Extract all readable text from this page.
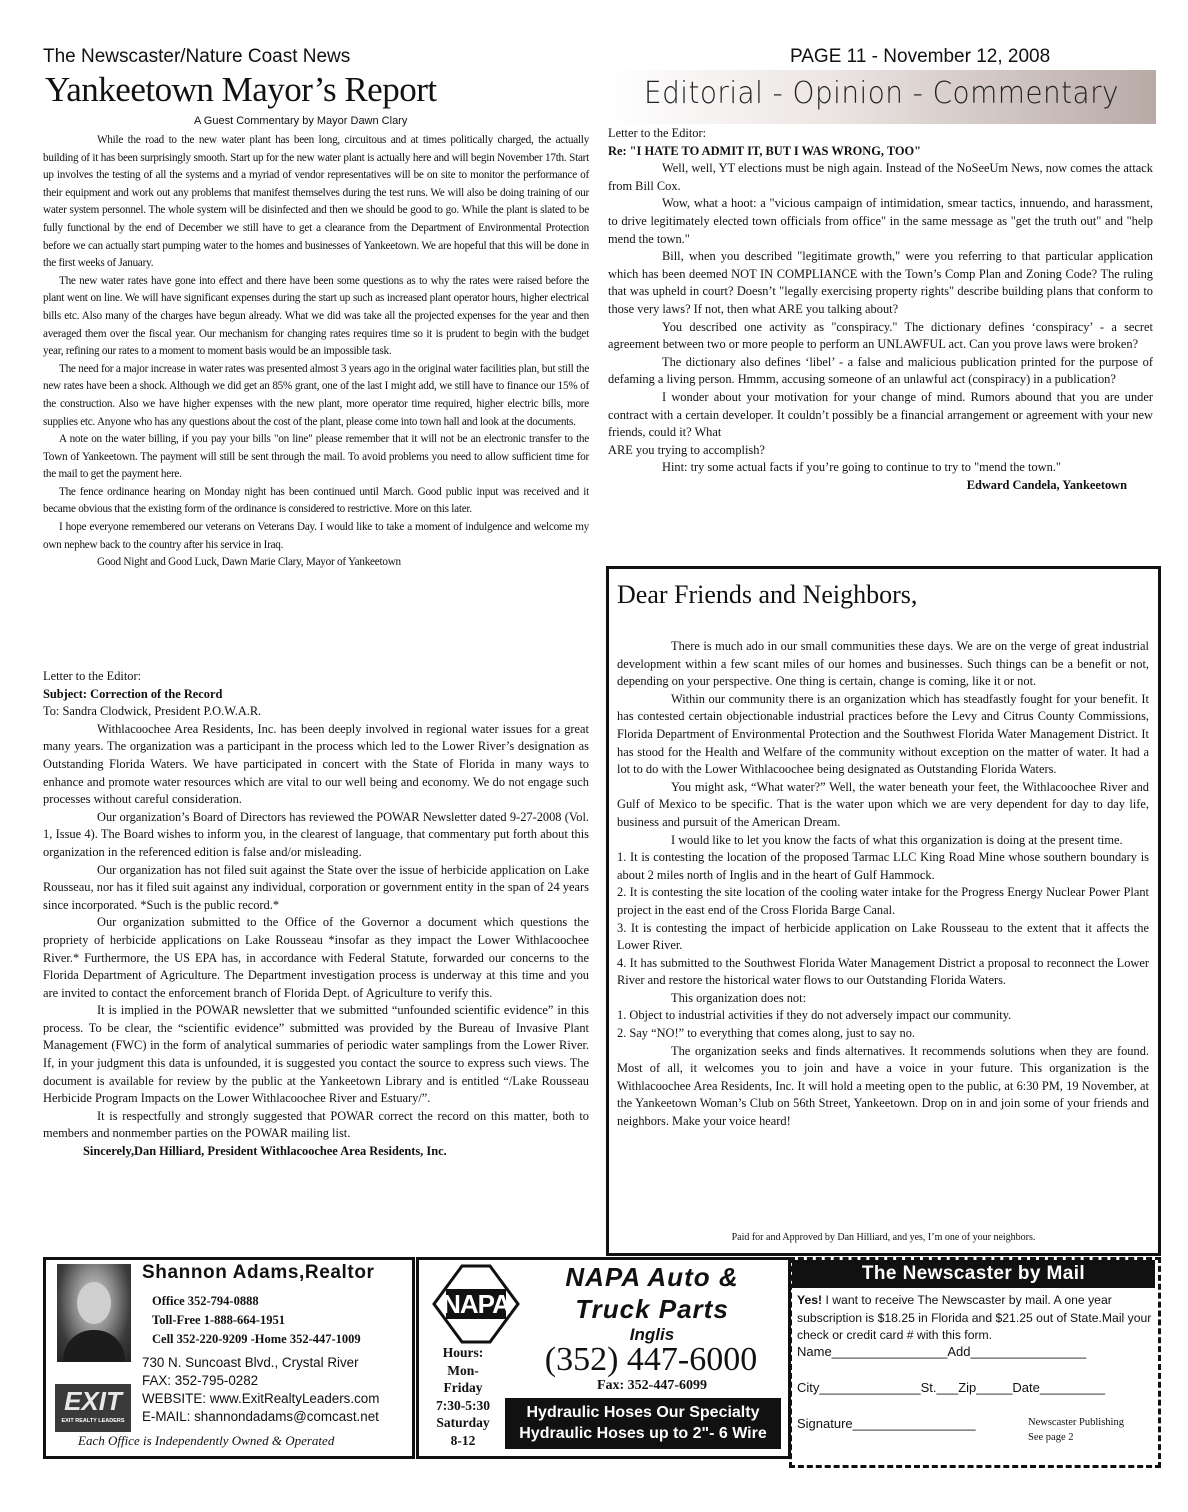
The Newscaster/Nature Coast News	PAGE 11 - November 12, 2008
Yankeetown Mayor’s Report
A Guest Commentary by Mayor Dawn Clary

While the road to the new water plant has been long, circuitous and at times politically charged, the actually building of it has been surprisingly smooth. Start up for the new water plant is actually here and will begin November 17th. Start up involves the testing of all the systems and a myriad of vendor representatives will be on site to monitor the performance of their equipment and work out any problems that manifest themselves during the test runs. We will also be doing training of our water system personnel. The whole system will be disinfected and then we should be good to go. While the plant is slated to be fully functional by the end of December we still have to get a clearance from the Department of Environmental Protection before we can actually start pumping water to the homes and businesses of Yankeetown. We are hopeful that this will be done in the first weeks of January.

The new water rates have gone into effect and there have been some questions as to why the rates were raised before the plant went on line. We will have significant expenses during the start up such as increased plant operator hours, higher electrical bills etc. Also many of the charges have begun already. What we did was take all the projected expenses for the year and then averaged them over the fiscal year. Our mechanism for changing rates requires time so it is prudent to begin with the budget year, refining our rates to a moment to moment basis would be an impossible task.

The need for a major increase in water rates was presented almost 3 years ago in the original water facilities plan, but still the new rates have been a shock. Although we did get an 85% grant, one of the last I might add, we still have to finance our 15% of the construction. Also we have higher expenses with the new plant, more operator time required, higher electric bills, more supplies etc. Anyone who has any questions about the cost of the plant, please come into town hall and look at the documents.

A note on the water billing, if you pay your bills "on line" please remember that it will not be an electronic transfer to the Town of Yankeetown. The payment will still be sent through the mail. To avoid problems you need to allow sufficient time for the mail to get the payment here.

The fence ordinance hearing on Monday night has been continued until March. Good public input was received and it became obvious that the existing form of the ordinance is considered to restrictive. More on this later.

I hope everyone remembered our veterans on Veterans Day. I would like to take a moment of indulgence and welcome my own nephew back to the country after his service in Iraq.

Good Night and Good Luck, Dawn Marie Clary, Mayor of Yankeetown

Letter to the Editor:

Subject: Correction of the Record

To: Sandra Clodwick, President P.O.W.A.R.

Withlacoochee Area Residents, Inc. has been deeply involved in regional water issues for a great many years. The organization was a participant in the process which led to the Lower River’s designation as Outstanding Florida Waters. We have participated in concert with the State of Florida in many ways to enhance and promote water resources which are vital to our well being and economy. We do not engage such processes without careful consideration.

Our organization’s Board of Directors has reviewed the POWAR Newsletter dated 9-27-2008 (Vol. 1, Issue 4). The Board wishes to inform you, in the clearest of language, that commentary put forth about this organization in the referenced edition is false and/or misleading.

Our organization has not filed suit against the State over the issue of herbicide application on Lake Rousseau, nor has it filed suit against any individual, corporation or government entity in the span of 24 years since incorporated. *Such is the public record.*

Our organization submitted to the Office of the Governor a document which questions the propriety of herbicide applications on Lake Rousseau *insofar as they impact the Lower Withlacoochee River.* Furthermore, the US EPA has, in accordance with Federal Statute, forwarded our concerns to the Florida Department of Agriculture. The Department investigation process is underway at this time and you are invited to contact the enforcement branch of Florida Dept. of Agriculture to verify this.

It is implied in the POWAR newsletter that we submitted “unfounded scientific evidence” in this process. To be clear, the “scientific evidence” submitted was provided by the Bureau of Invasive Plant Management (FWC) in the form of analytical summaries of periodic water samplings from the Lower River. If, in your judgment this data is unfounded, it is suggested you contact the source to express such views. The document is available for review by the public at the Yankeetown Library and is entitled “/Lake Rousseau Herbicide Program Impacts on the Lower Withlacoochee River and Estuary/”.

It is respectfully and strongly suggested that POWAR correct the record on this matter, both to members and nonmember parties on the POWAR mailing list.

Sincerely,Dan Hilliard, President Withlacoochee Area Residents, Inc.

Editorial - Opinion - Commentary

Letter to the Editor:

Re: "I HATE TO ADMIT IT, BUT I WAS WRONG, TOO"

Well, well, YT elections must be nigh again. Instead of the NoSeeUm News, now comes the attack from Bill Cox.

Wow, what a hoot: a "vicious campaign of intimidation, smear tactics, innuendo, and harassment, to drive legitimately elected town officials from office" in the same message as "get the truth out" and "help mend the town."

Bill, when you described "legitimate growth," were you referring to that particular application which has been deemed NOT IN COMPLIANCE with the Town’s Comp Plan and Zoning Code? The ruling that was upheld in court? Doesn’t "legally exercising property rights" describe building plans that conform to those very laws? If not, then what ARE you talking about?

You described one activity as "conspiracy." The dictionary defines ‘conspiracy’ - a secret agreement between two or more people to perform an UNLAWFUL act. Can you prove laws were broken?

The dictionary also defines ‘libel’ - a false and malicious publication printed for the purpose of defaming a living person. Hmmm, accusing someone of an unlawful act (conspiracy) in a publication?

I wonder about your motivation for your change of mind. Rumors abound that you are under contract with a certain developer. It couldn’t possibly be a financial arrangement or agreement with your new friends, could it? What

ARE you trying to accomplish?

Hint: try some actual facts if you’re going to continue to try to "mend the town."

Edward Candela, Yankeetown

Dear Friends and Neighbors,

There is much ado in our small communities these days. We are on the verge of great industrial development within a few scant miles of our homes and businesses. Such things can be a benefit or not, depending on your perspective. One thing is certain, change is coming, like it or not.

Within our community there is an organization which has steadfastly fought for your benefit. It has contested certain objectionable industrial practices before the Levy and Citrus County Commissions, Florida Department of Environmental Protection and the Southwest Florida Water Management District. It has stood for the Health and Welfare of the community without exception on the matter of water. It had a lot to do with the Lower Withlacoochee being designated as Outstanding Florida Waters.

You might ask, “What water?” Well, the water beneath your feet, the Withlacoochee River and Gulf of Mexico to be specific. That is the water upon which we are very dependent for day to day life, business and pursuit of the American Dream.

I would like to let you know the facts of what this organization is doing at the present time.

1. It is contesting the location of the proposed Tarmac LLC King Road Mine whose southern boundary is about 2 miles north of Inglis and in the heart of Gulf Hammock.

2. It is contesting the site location of the cooling water intake for the Progress Energy Nuclear Power Plant project in the east end of the Cross Florida Barge Canal.

3. It is contesting the impact of herbicide application on Lake Rousseau to the extent that it affects the Lower River.

4. It has submitted to the Southwest Florida Water Management District a proposal to reconnect the Lower River and restore the historical water flows to our Outstanding Florida Waters.

This organization does not:

1. Object to industrial activities if they do not adversely impact our community.

2. Say “NO!” to everything that comes along, just to say no.

The organization seeks and finds alternatives. It recommends solutions when they are found. Most of all, it welcomes you to join and have a voice in your future. This organization is the Withlacoochee Area Residents, Inc. It will hold a meeting open to the public, at 6:30 PM, 19 November, at the Yankeetown Woman’s Club on 56th Street, Yankeetown. Drop on in and join some of your friends and neighbors. Make your voice heard!

Paid for and Approved by Dan Hilliard, and yes, I’m one of your neighbors.
EXIT
EXIT REALTY LEADERS
Shannon Adams,Realtor
Office 352-794-0888
Toll-Free 1-888-664-1951
Cell 352-220-9209 -Home 352-447-1009
730 N. Suncoast Blvd., Crystal River
FAX: 352-795-0282
WEBSITE: www.ExitRealtyLeaders.com
E-MAIL: shannondadams@comcast.net
Each Office is Independently Owned & Operated
NAPA
NAPA Auto &
Truck Parts
Inglis
(352) 447-6000
Fax: 352-447-6099
Hours:
Mon-
Friday
7:30-5:30
Saturday
8-12
Hydraulic Hoses Our Specialty
Hydraulic Hoses up to 2"- 6 Wire
The Newscaster by Mail
Yes! I want to receive The Newscaster by mail. A one year subscription is $18.25 in Florida and $21.25 out of State.Mail your check or credit card # with this form.
Name________________Add________________
City______________St.___Zip_____Date_________
Signature_________________	Newscaster Publishing
See page 2
